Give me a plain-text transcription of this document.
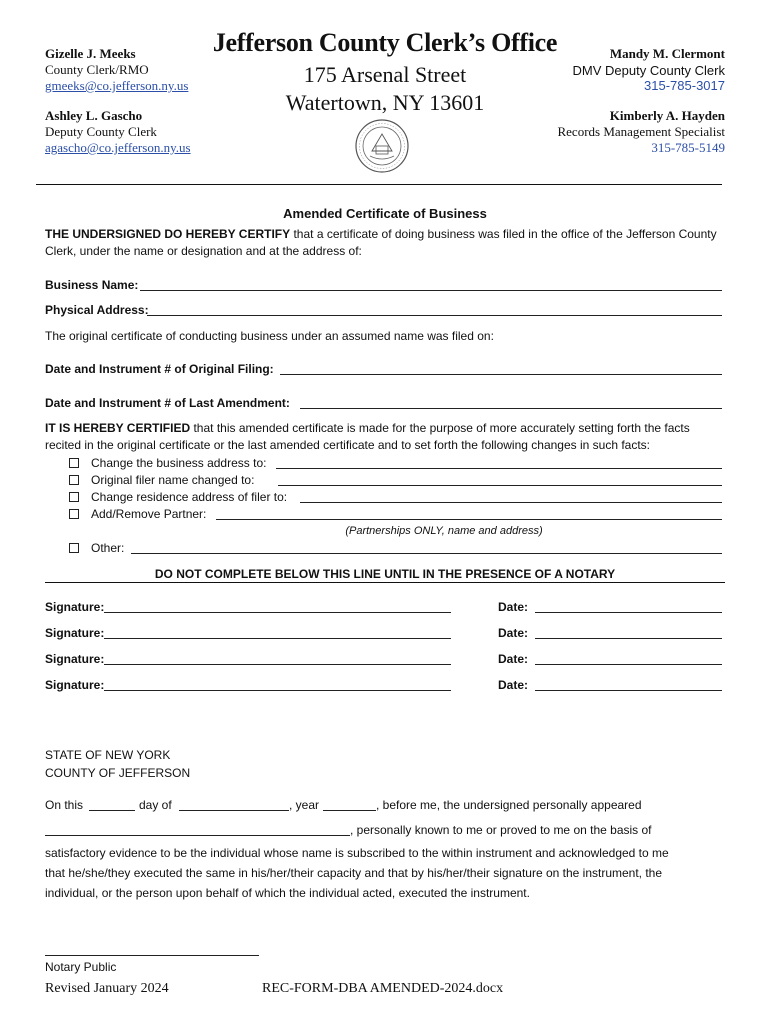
Gizelle J. Meeks
County Clerk/RMO
gmeeks@co.jefferson.ny.us
Ashley L. Gascho
Deputy County Clerk
agascho@co.jefferson.ny.us
Jefferson County Clerk’s Office
175 Arsenal Street
Watertown, NY 13601
Mandy M. Clermont
DMV Deputy County Clerk
315-785-3017
Kimberly A. Hayden
Records Management Specialist
315-785-5149
Amended Certificate of Business
THE UNDERSIGNED DO HEREBY CERTIFY that a certificate of doing business was filed in the office of the Jefferson County
Clerk, under the name or designation and at the address of:
Business Name:
Physical Address:
The original certificate of conducting business under an assumed name was filed on:
Date and Instrument # of Original Filing:
Date and Instrument # of Last Amendment:
IT IS HEREBY CERTIFIED that this amended certificate is made for the purpose of more accurately setting forth the facts
recited in the original certificate or the last amended certificate and to set forth the following changes in such facts:
Change the business address to:
Original filer name changed to:
Change residence address of filer to:
Add/Remove Partner:
(Partnerships ONLY, name and address)
Other:
DO NOT COMPLETE BELOW THIS LINE UNTIL IN THE PRESENCE OF A NOTARY
Signature:	Date:
Signature:	Date:
Signature:	Date:
Signature:	Date:
STATE OF NEW YORK
COUNTY OF JEFFERSON
On this	day of	, year	, before me, the undersigned personally appeared
, personally known to me or proved to me on the basis of
satisfactory evidence to be the individual whose name is subscribed to the within instrument and acknowledged to me
that he/she/they executed the same in his/her/their capacity and that by his/her/their signature on the instrument, the
individual, or the person upon behalf of which the individual acted, executed the instrument.
Notary Public
Revised January 2024	REC-FORM-DBA AMENDED-2024.docx
